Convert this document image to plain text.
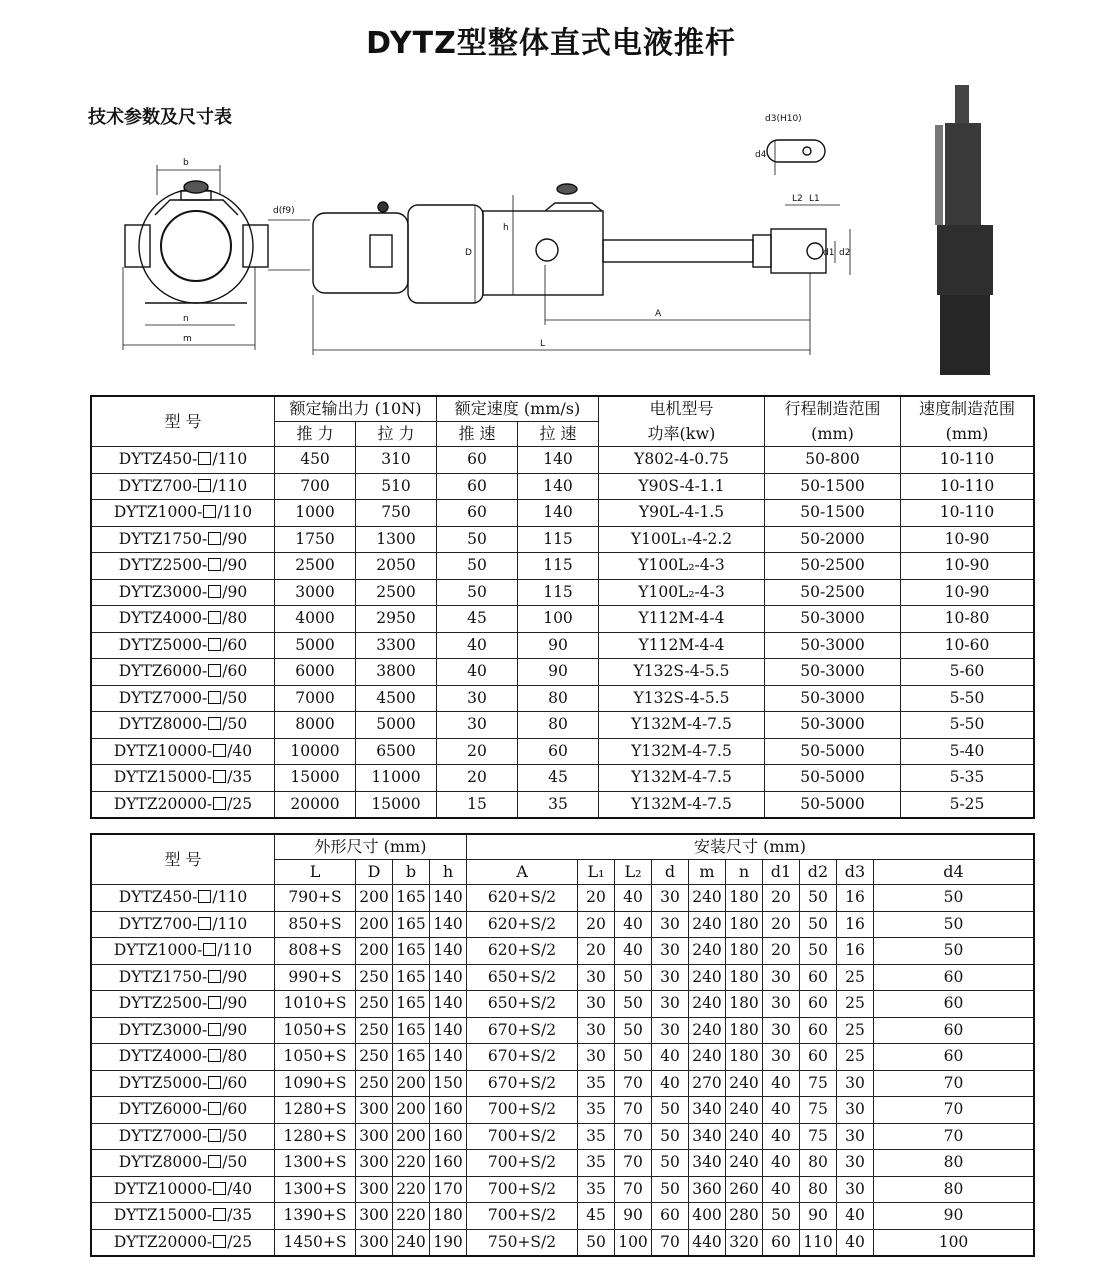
DYTZ型整体直式电液推杆
技术参数及尺寸表
b
n
m
d(f9)
D
h
A
L
d3(H10)
d4
L2 L1
d1 d2
型 号	额定输出力 (10N)		额定速度 (mm/s)		电机型号	行程制造范围	速度制造范围
	推 力	拉 力	推 速	拉 速	功率(kw)	(mm)	(mm)
DYTZ450- /110	450	310	60	140	Y802-4-0.75	50-800	10-110
DYTZ700- /110	700	510	60	140	Y90S-4-1.1	50-1500	10-110
DYTZ1000- /110	1000	750	60	140	Y90L-4-1.5	50-1500	10-110
DYTZ1750- /90	1750	1300	50	115	Y100L₁-4-2.2	50-2000	10-90
DYTZ2500- /90	2500	2050	50	115	Y100L₂-4-3	50-2500	10-90
DYTZ3000- /90	3000	2500	50	115	Y100L₂-4-3	50-2500	10-90
DYTZ4000- /80	4000	2950	45	100	Y112M-4-4	50-3000	10-80
DYTZ5000- /60	5000	3300	40	90	Y112M-4-4	50-3000	10-60
DYTZ6000- /60	6000	3800	40	90	Y132S-4-5.5	50-3000	5-60
DYTZ7000- /50	7000	4500	30	80	Y132S-4-5.5	50-3000	5-50
DYTZ8000- /50	8000	5000	30	80	Y132M-4-7.5	50-3000	5-50
DYTZ10000- /40	10000	6500	20	60	Y132M-4-7.5	50-5000	5-40
DYTZ15000- /35	15000	11000	20	45	Y132M-4-7.5	50-5000	5-35
DYTZ20000- /25	20000	15000	15	35	Y132M-4-7.5	50-5000	5-25
型 号	外形尺寸 (mm)				安装尺寸 (mm)									
	L	D	b	h	A	L₁	L₂	d	m	n	d1	d2	d3	d4
DYTZ450- /110	790+S	200	165	140	620+S/2	20	40	30	240	180	20	50	16	50
DYTZ700- /110	850+S	200	165	140	620+S/2	20	40	30	240	180	20	50	16	50
DYTZ1000- /110	808+S	200	165	140	620+S/2	20	40	30	240	180	20	50	16	50
DYTZ1750- /90	990+S	250	165	140	650+S/2	30	50	30	240	180	30	60	25	60
DYTZ2500- /90	1010+S	250	165	140	650+S/2	30	50	30	240	180	30	60	25	60
DYTZ3000- /90	1050+S	250	165	140	670+S/2	30	50	30	240	180	30	60	25	60
DYTZ4000- /80	1050+S	250	165	140	670+S/2	30	50	40	240	180	30	60	25	60
DYTZ5000- /60	1090+S	250	200	150	670+S/2	35	70	40	270	240	40	75	30	70
DYTZ6000- /60	1280+S	300	200	160	700+S/2	35	70	50	340	240	40	75	30	70
DYTZ7000- /50	1280+S	300	200	160	700+S/2	35	70	50	340	240	40	75	30	70
DYTZ8000- /50	1300+S	300	220	160	700+S/2	35	70	50	340	240	40	80	30	80
DYTZ10000- /40	1300+S	300	220	170	700+S/2	35	70	50	360	260	40	80	30	80
DYTZ15000- /35	1390+S	300	220	180	700+S/2	45	90	60	400	280	50	90	40	90
DYTZ20000- /25	1450+S	300	240	190	750+S/2	50	100	70	440	320	60	110	40	100
